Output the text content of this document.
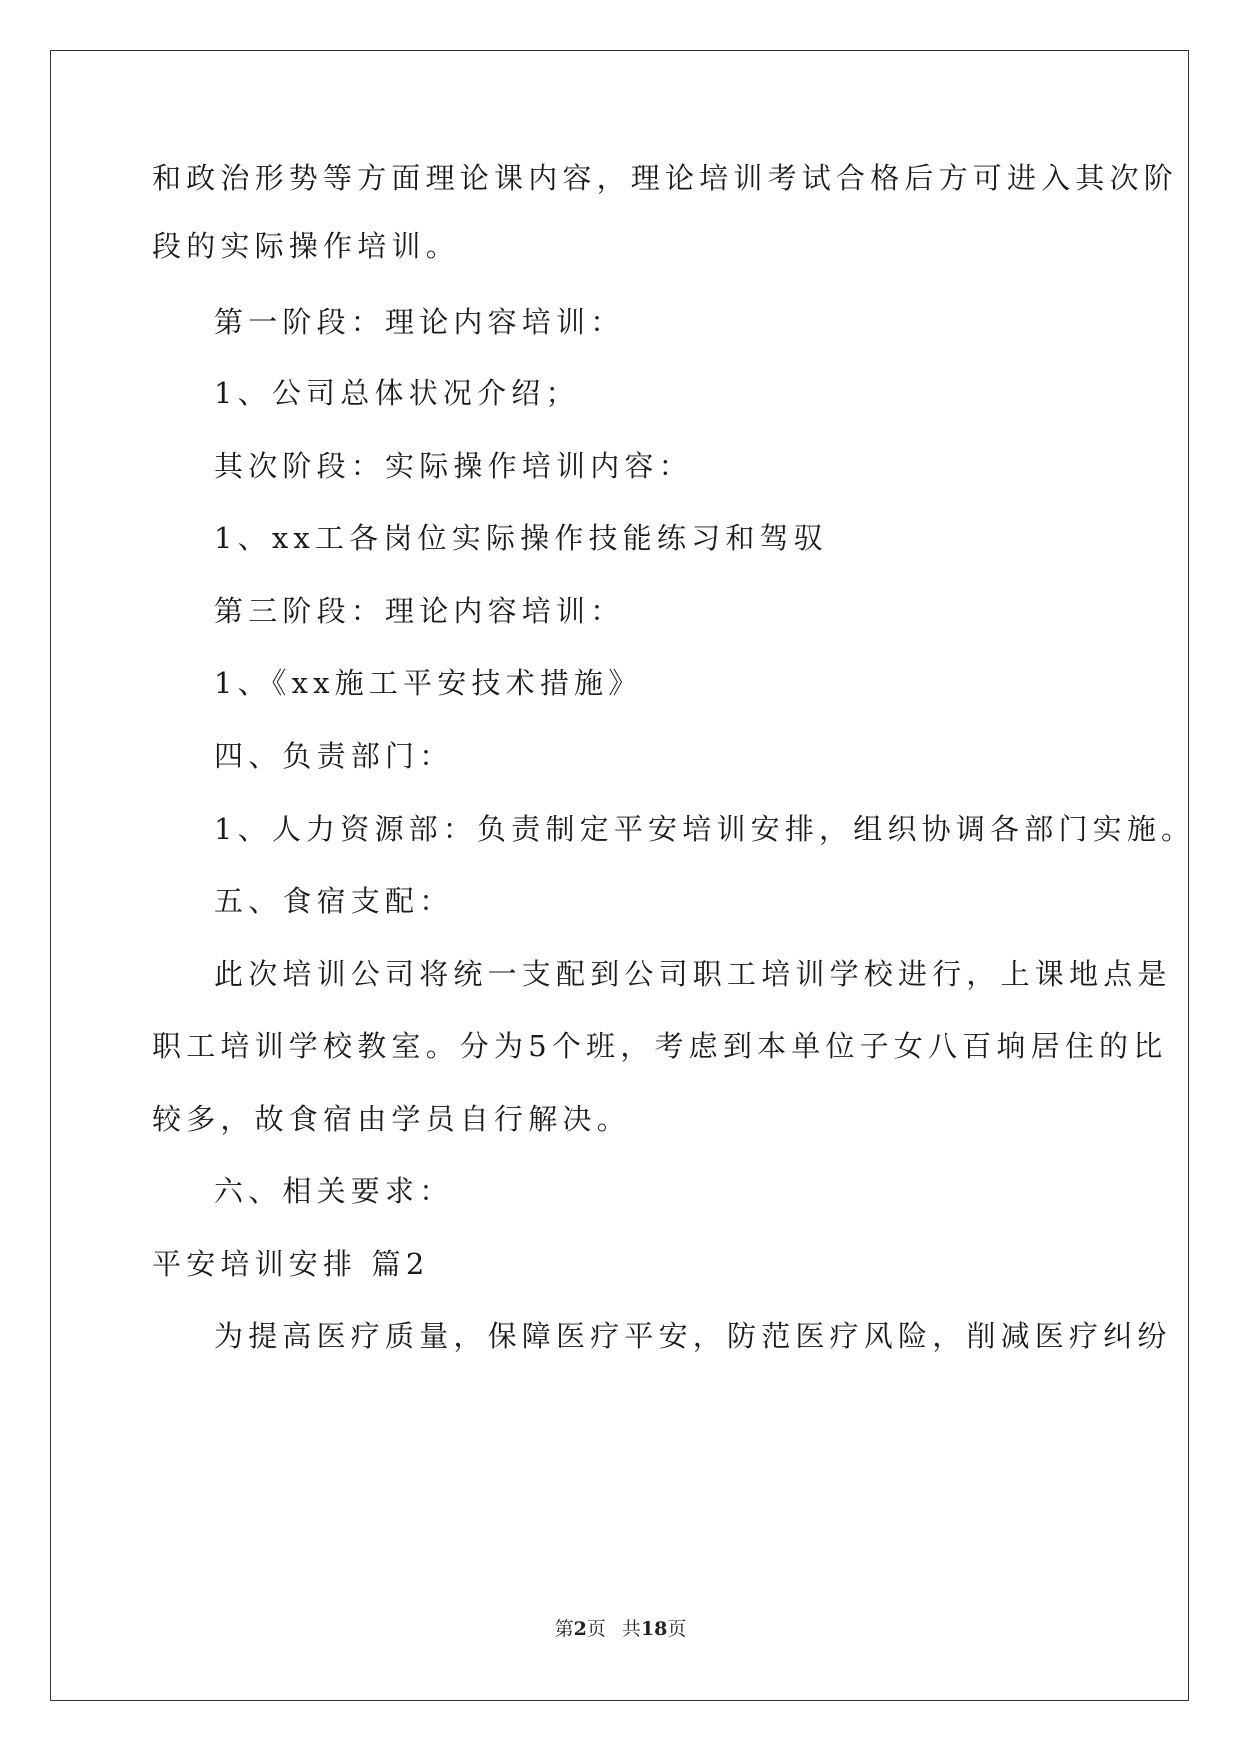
和政治形势等方面理论课内容，理论培训考试合格后方可进入其次阶
段的实际操作培训。
第一阶段：理论内容培训：
1、公司总体状况介绍；
其次阶段：实际操作培训内容：
1、xx工各岗位实际操作技能练习和驾驭
第三阶段：理论内容培训：
1、《xx施工平安技术措施》
四、负责部门：
1、人力资源部：负责制定平安培训安排，组织协调各部门实施。
五、食宿支配：
此次培训公司将统一支配到公司职工培训学校进行，上课地点是
职工培训学校教室。分为5个班，考虑到本单位子女八百垧居住的比
较多，故食宿由学员自行解决。
六、相关要求：
平安培训安排 篇2
为提高医疗质量，保障医疗平安，防范医疗风险，削减医疗纠纷
第2页 共18页
